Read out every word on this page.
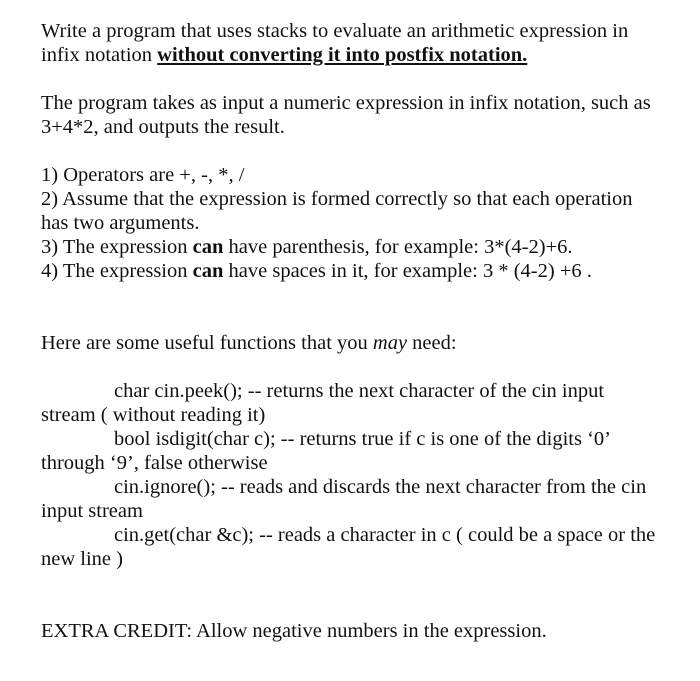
Write a program that uses stacks to evaluate an arithmetic expression in
infix notation without converting it into postfix notation.
The program takes as input a numeric expression in infix notation, such as
3+4*2, and outputs the result.
1) Operators are +, -, *, /
2) Assume that the expression is formed correctly so that each operation
has two arguments.
3) The expression can have parenthesis, for example: 3*(4-2)+6.
4) The expression can have spaces in it, for example: 3 * (4-2) +6 .
Here are some useful functions that you may need:
char cin.peek(); -- returns the next character of the cin input
stream ( without reading it)
bool isdigit(char c); -- returns true if c is one of the digits ‘0’
through ‘9’, false otherwise
cin.ignore(); -- reads and discards the next character from the cin
input stream
cin.get(char &c); -- reads a character in c ( could be a space or the
new line )
EXTRA CREDIT: Allow negative numbers in the expression.
